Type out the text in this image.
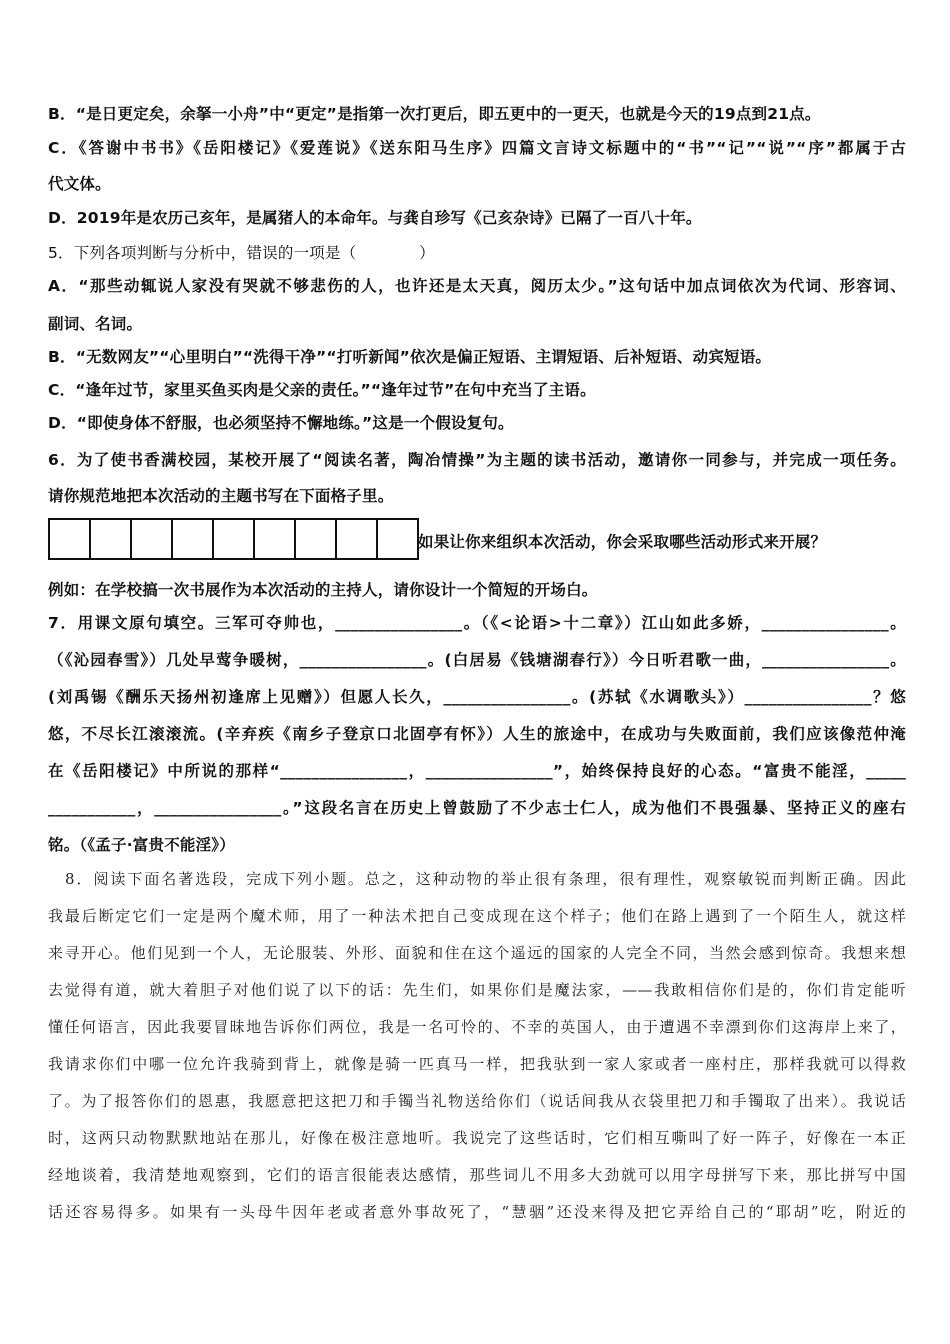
B．“是日更定矣，余拏一小舟”中“更定”是指第一次打更后，即五更中的一更天，也就是今天的19点到21点。
C．《答谢中书书》《岳阳楼记》《爱莲说》《送东阳马生序》四篇文言诗文标题中的“书”“记”“说”“序”都属于古
代文体。
D．2019年是农历己亥年，是属猪人的本命年。与龚自珍写《己亥杂诗》已隔了一百八十年。
5．下列各项判断与分析中，错误的一项是（　　　　）
A．“那些动辄说人家没有哭就不够悲伤的人，也许还是太天真，阅历太少。”这句话中加点词依次为代词、形容词、
副词、名词。
B．“无数网友”“心里明白”“洗得干净”“打听新闻”依次是偏正短语、主谓短语、后补短语、动宾短语。
C．“逢年过节，家里买鱼买肉是父亲的责任。”“逢年过节”在句中充当了主语。
D．“即使身体不舒服，也必须坚持不懈地练。”这是一个假设复句。
6．为了使书香满校园，某校开展了“阅读名著，陶冶情操”为主题的读书活动，邀请你一同参与，并完成一项任务。
请你规范地把本次活动的主题书写在下面格子里。
如果让你来组织本次活动，你会采取哪些活动形式来开展？
例如：在学校搞一次书展作为本次活动的主持人，请你设计一个简短的开场白。
7．用课文原句填空。三军可夺帅也，________________。（《<论语>十二章》）江山如此多娇，________________。
（《沁园春雪》）几处早莺争暖树，________________。(白居易《钱塘湖春行》）今日听君歌一曲，________________。
(刘禹锡《酬乐天扬州初逢席上见赠》）但愿人长久，________________。(苏轼《水调歌头》）________________？悠
悠，不尽长江滚滚流。(辛弃疾《南乡子登京口北固亭有怀》）人生的旅途中，在成功与失败面前，我们应该像范仲淹
在《岳阳楼记》中所说的那样“________________，________________”，始终保持良好的心态。“富贵不能淫，_____
___________，________________。”这段名言在历史上曾鼓励了不少志士仁人，成为他们不畏强暴、坚持正义的座右
铭。（《孟子·富贵不能淫》）
　8．阅读下面名著选段，完成下列小题。总之，这种动物的举止很有条理，很有理性，观察敏锐而判断正确。因此
我最后断定它们一定是两个魔术师，用了一种法术把自己变成现在这个样子；他们在路上遇到了一个陌生人，就这样
来寻开心。他们见到一个人，无论服装、外形、面貌和住在这个遥远的国家的人完全不同，当然会感到惊奇。我想来想
去觉得有道，就大着胆子对他们说了以下的话：先生们，如果你们是魔法家，——我敢相信你们是的，你们肯定能听
懂任何语言，因此我要冒昧地告诉你们两位，我是一名可怜的、不幸的英国人，由于遭遇不幸漂到你们这海岸上来了，
我请求你们中哪一位允许我骑到背上，就像是骑一匹真马一样，把我驮到一家人家或者一座村庄，那样我就可以得救
了。为了报答你们的恩惠，我愿意把这把刀和手镯当礼物送给你们（说话间我从衣袋里把刀和手镯取了出来）。我说话
时，这两只动物默默地站在那儿，好像在极注意地听。我说完了这些话时，它们相互嘶叫了好一阵子，好像在一本正
经地谈着，我清楚地观察到，它们的语言很能表达感情，那些词儿不用多大劲就可以用字母拼写下来，那比拼写中国
话还容易得多。如果有一头母牛因年老或者意外事故死了，“慧骃”还没来得及把它弄给自己的“耶胡”吃，附近的
